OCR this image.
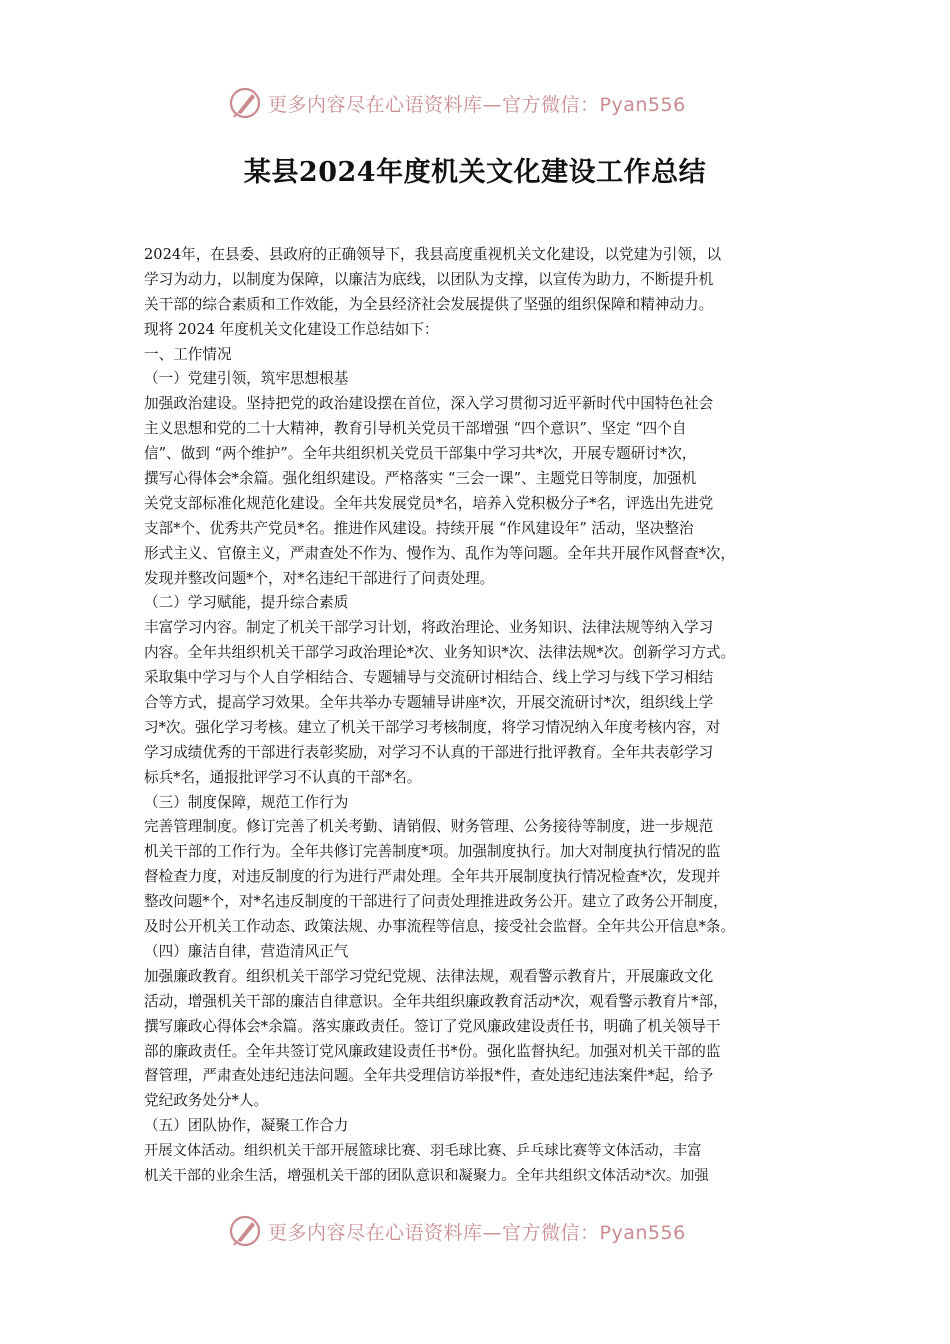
更多内容尽在心语资料库—官方微信：Pyan556
某县2024年度机关文化建设工作总结
2024年，在县委、县政府的正确领导下，我县高度重视机关文化建设，以党建为引领，以
学习为动力，以制度为保障，以廉洁为底线，以团队为支撑，以宣传为助力，不断提升机
关干部的综合素质和工作效能，为全县经济社会发展提供了坚强的组织保障和精神动力。
现将 2024 年度机关文化建设工作总结如下：
一、工作情况
（一）党建引领，筑牢思想根基
加强政治建设。坚持把党的政治建设摆在首位，深入学习贯彻习近平新时代中国特色社会
主义思想和党的二十大精神，教育引导机关党员干部增强 “四个意识”、坚定 “四个自
信”、做到 “两个维护”。全年共组织机关党员干部集中学习共*次，开展专题研讨*次，
撰写心得体会*余篇。强化组织建设。严格落实 “三会一课”、主题党日等制度，加强机
关党支部标准化规范化建设。全年共发展党员*名，培养入党积极分子*名，评选出先进党
支部*个、优秀共产党员*名。推进作风建设。持续开展 “作风建设年” 活动，坚决整治
形式主义、官僚主义，严肃查处不作为、慢作为、乱作为等问题。全年共开展作风督查*次，
发现并整改问题*个，对*名违纪干部进行了问责处理。
（二）学习赋能，提升综合素质
丰富学习内容。制定了机关干部学习计划，将政治理论、业务知识、法律法规等纳入学习
内容。全年共组织机关干部学习政治理论*次、业务知识*次、法律法规*次。创新学习方式。
采取集中学习与个人自学相结合、专题辅导与交流研讨相结合、线上学习与线下学习相结
合等方式，提高学习效果。全年共举办专题辅导讲座*次，开展交流研讨*次，组织线上学
习*次。强化学习考核。建立了机关干部学习考核制度，将学习情况纳入年度考核内容，对
学习成绩优秀的干部进行表彰奖励，对学习不认真的干部进行批评教育。全年共表彰学习
标兵*名，通报批评学习不认真的干部*名。
（三）制度保障，规范工作行为
完善管理制度。修订完善了机关考勤、请销假、财务管理、公务接待等制度，进一步规范
机关干部的工作行为。全年共修订完善制度*项。加强制度执行。加大对制度执行情况的监
督检查力度，对违反制度的行为进行严肃处理。全年共开展制度执行情况检查*次，发现并
整改问题*个，对*名违反制度的干部进行了问责处理推进政务公开。建立了政务公开制度，
及时公开机关工作动态、政策法规、办事流程等信息，接受社会监督。全年共公开信息*条。
（四）廉洁自律，营造清风正气
加强廉政教育。组织机关干部学习党纪党规、法律法规，观看警示教育片，开展廉政文化
活动，增强机关干部的廉洁自律意识。全年共组织廉政教育活动*次，观看警示教育片*部，
撰写廉政心得体会*余篇。落实廉政责任。签订了党风廉政建设责任书，明确了机关领导干
部的廉政责任。全年共签订党风廉政建设责任书*份。强化监督执纪。加强对机关干部的监
督管理，严肃查处违纪违法问题。全年共受理信访举报*件，查处违纪违法案件*起，给予
党纪政务处分*人。
（五）团队协作，凝聚工作合力
开展文体活动。组织机关干部开展篮球比赛、羽毛球比赛、乒乓球比赛等文体活动，丰富
机关干部的业余生活，增强机关干部的团队意识和凝聚力。全年共组织文体活动*次。加强
更多内容尽在心语资料库—官方微信：Pyan556
